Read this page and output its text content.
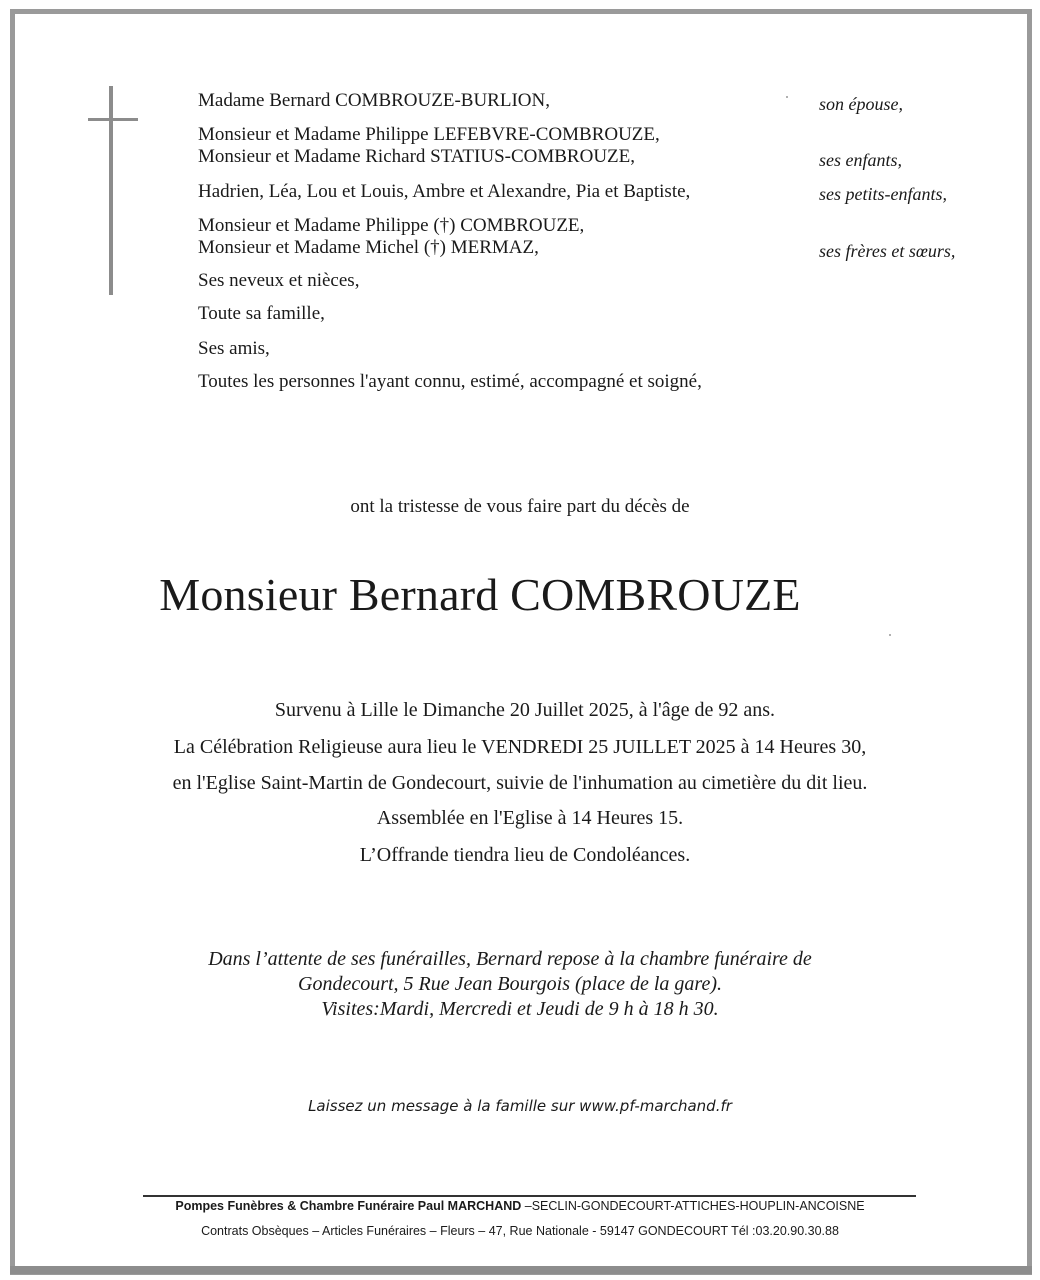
Madame Bernard COMBROUZE-BURLION,
Monsieur et Madame Philippe LEFEBVRE-COMBROUZE,
Monsieur et Madame Richard STATIUS-COMBROUZE,
Hadrien, Léa, Lou et Louis, Ambre et Alexandre, Pia et Baptiste,
Monsieur et Madame Philippe (†) COMBROUZE,
Monsieur et Madame Michel (†) MERMAZ,
Ses neveux et nièces,
Toute sa famille,
Ses amis,
Toutes les personnes l'ayant connu, estimé, accompagné et soigné,
son épouse,
ses enfants,
ses petits-enfants,
ses frères et sœurs,
ont la tristesse de vous faire part du décès de
Monsieur Bernard COMBROUZE
Survenu à Lille le Dimanche 20 Juillet 2025, à l'âge de 92 ans.
La Célébration Religieuse aura lieu le VENDREDI 25 JUILLET 2025 à 14 Heures 30,
en l'Eglise Saint-Martin de Gondecourt, suivie de l'inhumation au cimetière du dit lieu.
Assemblée en l'Eglise à 14 Heures 15.
L’Offrande tiendra lieu de Condoléances.
Dans l’attente de ses funérailles, Bernard repose à la chambre funéraire de
Gondecourt, 5 Rue Jean Bourgois (place de la gare).
Visites:Mardi, Mercredi et Jeudi de 9 h à 18 h 30.
Laissez un message à la famille sur www.pf-marchand.fr
Pompes Funèbres & Chambre Funéraire Paul MARCHAND –SECLIN-GONDECOURT-ATTICHES-HOUPLIN-ANCOISNE
Contrats Obsèques – Articles Funéraires – Fleurs – 47, Rue Nationale - 59147 GONDECOURT Tél :03.20.90.30.88
